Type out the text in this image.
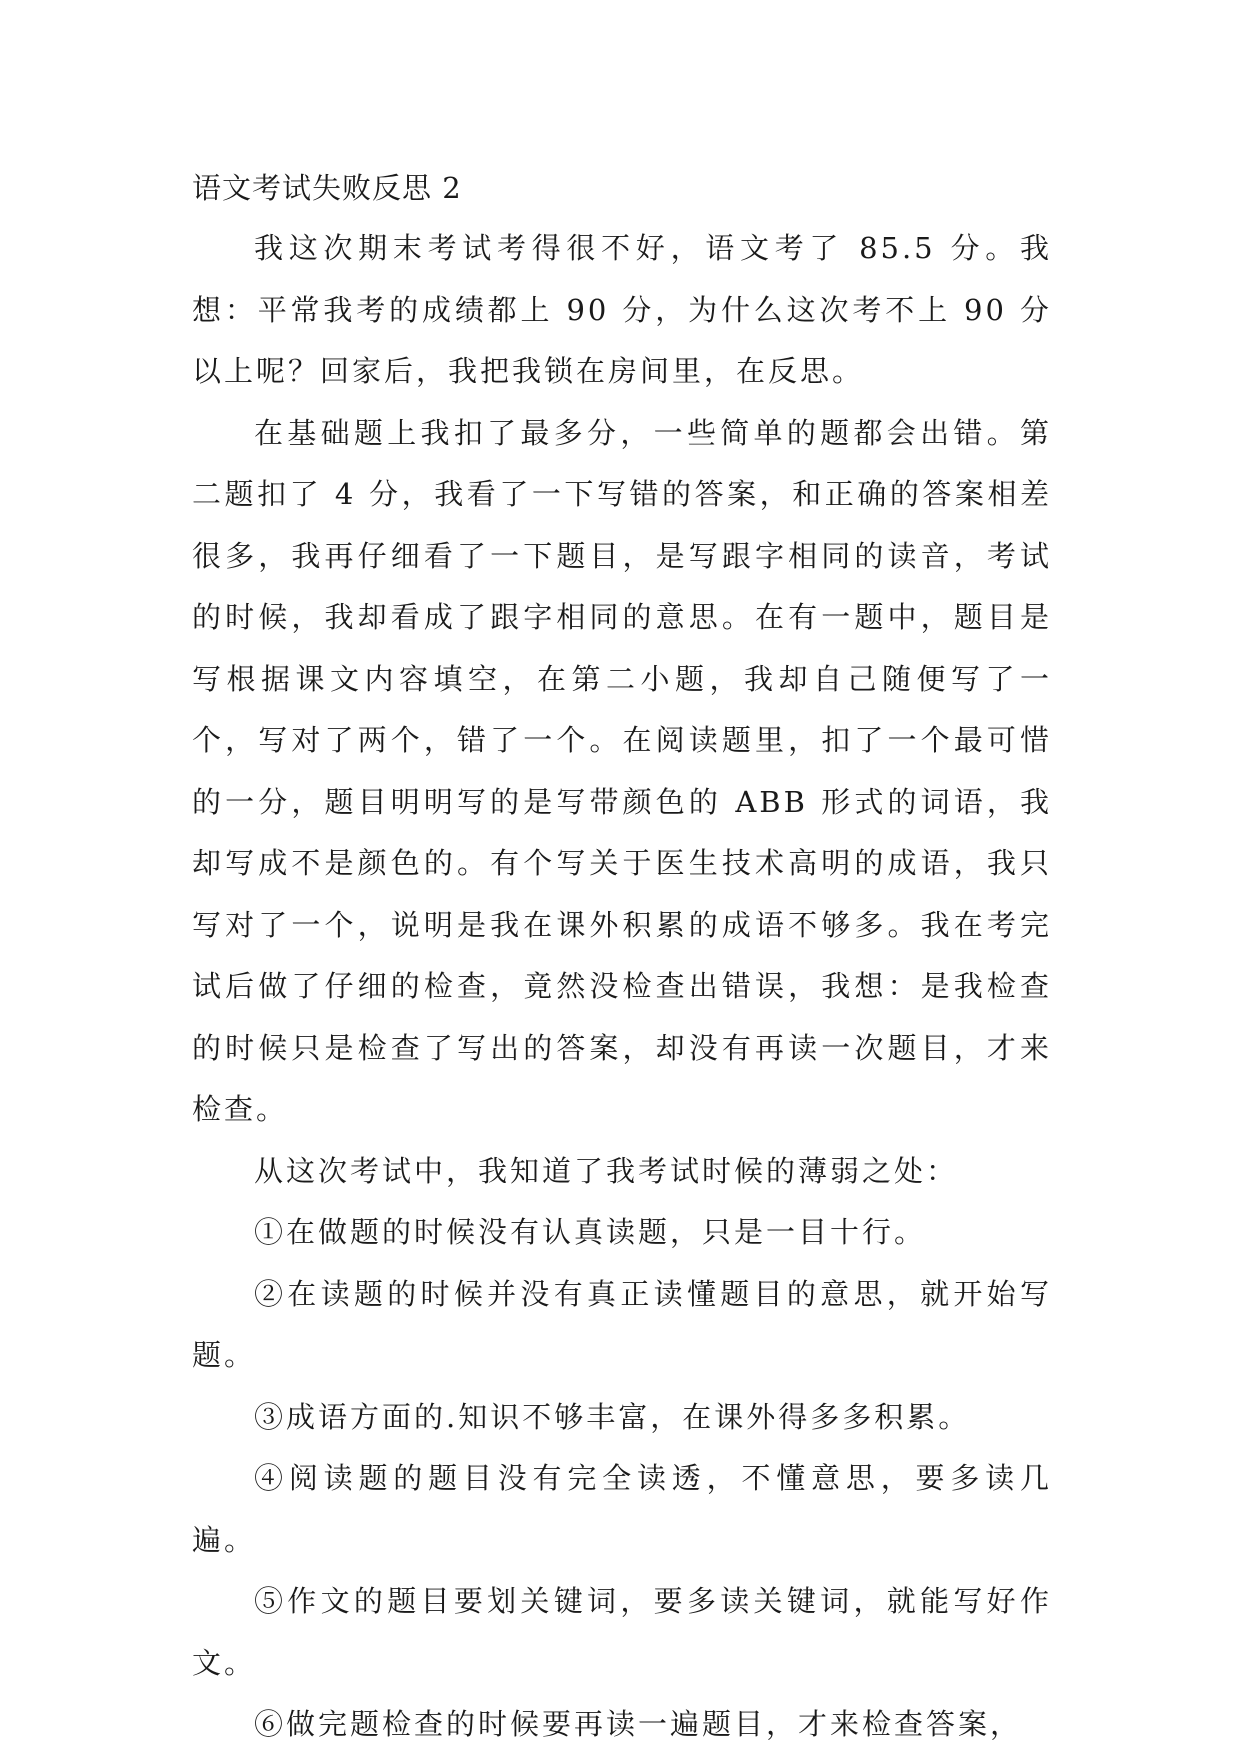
语文考试失败反思 2

我这次期末考试考得很不好，语文考了 85.5 分。我想：平常我考的成绩都上 90 分，为什么这次考不上 90 分以上呢？回家后，我把我锁在房间里，在反思。

在基础题上我扣了最多分，一些简单的题都会出错。第二题扣了 4 分，我看了一下写错的答案，和正确的答案相差很多，我再仔细看了一下题目，是写跟字相同的读音，考试的时候，我却看成了跟字相同的意思。在有一题中，题目是写根据课文内容填空，在第二小题，我却自己随便写了一个，写对了两个，错了一个。在阅读题里，扣了一个最可惜的一分，题目明明写的是写带颜色的 ABB 形式的词语，我却写成不是颜色的。有个写关于医生技术高明的成语，我只写对了一个，说明是我在课外积累的成语不够多。我在考完试后做了仔细的检查，竟然没检查出错误，我想：是我检查的时候只是检查了写出的答案，却没有再读一次题目，才来检查。

从这次考试中，我知道了我考试时候的薄弱之处：

①在做题的时候没有认真读题，只是一目十行。

②在读题的时候并没有真正读懂题目的意思，就开始写题。

③成语方面的.知识不够丰富，在课外得多多积累。

④阅读题的题目没有完全读透，不懂意思，要多读几遍。

⑤作文的题目要划关键词，要多读关键词，就能写好作文。

⑥做完题检查的时候要再读一遍题目，才来检查答案，
